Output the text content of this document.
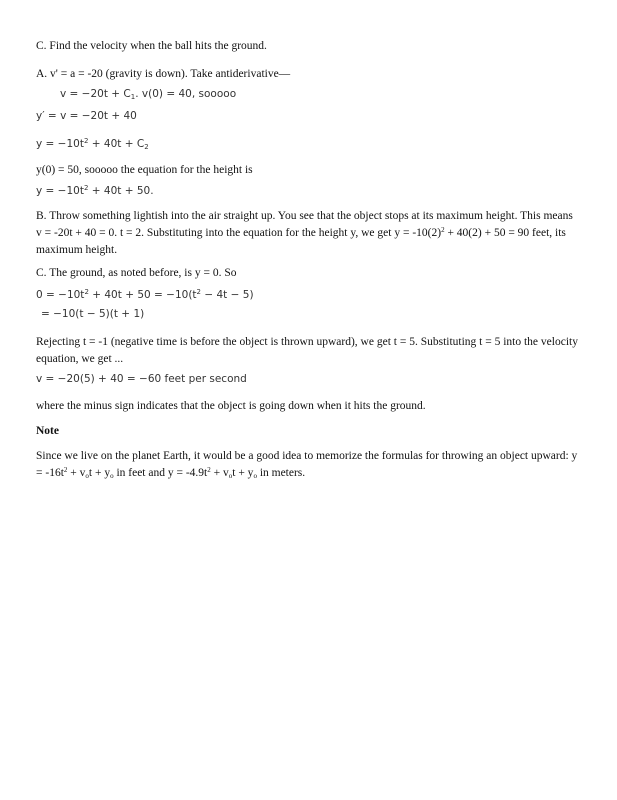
C. Find the velocity when the ball hits the ground.
A. v' = a = -20 (gravity is down). Take antiderivative—
$v = -20t + C_1$. v(0) = 40, sooooo
y′ = v = −20t + 40
$y = -10t^2 + 40t + C_2$
y(0) = 50, sooooo the equation for the height is
$y = -10t^2 + 40t + 50$.
B. Throw something lightish into the air straight up. You see that the object stops at its maximum height. This means v = -20t + 40 = 0. t = 2. Substituting into the equation for the height y, we get $y = -10(2)^2 + 40(2) + 50 = 90$ feet, its maximum height.
C. The ground, as noted before, is y = 0. So
$0 = -10t^2 + 40t + 50 = -10(t^2 - 4t - 5)$
= −10(t − 5)(t + 1)
Rejecting t = -1 (negative time is before the object is thrown upward), we get t = 5. Substituting t = 5 into the velocity equation, we get ...
v = −20(5) + 40 = −60 feet per second
where the minus sign indicates that the object is going down when it hits the ground.
Note
Since we live on the planet Earth, it would be a good idea to memorize the formulas for throwing an object upward: $y = -16t^2 + v_ot + y_o$ in feet and $y = -4.9t^2 + v_ot + y_o$ in meters.
